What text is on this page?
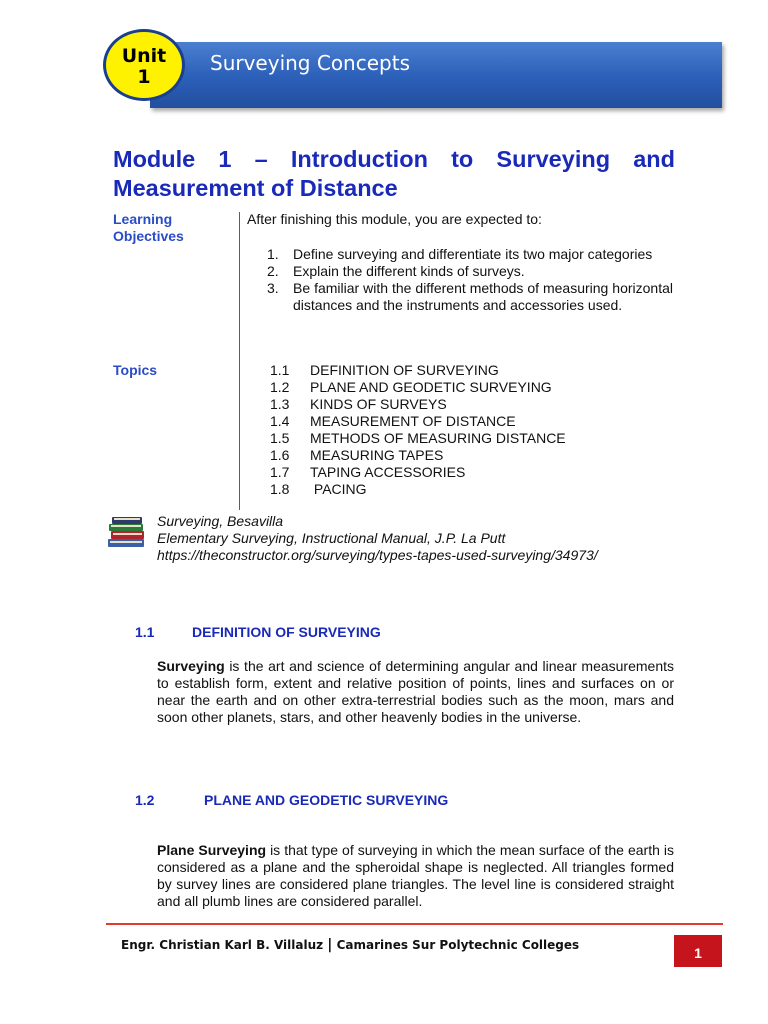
Surveying Concepts
Unit
1
Module 1 – Introduction to Surveying and Measurement of Distance
Learning
Objectives
After finishing this module, you are expected to:
1. Define surveying and differentiate its two major categories
2. Explain the different kinds of surveys.
3. Be familiar with the different methods of measuring horizontal distances and the instruments and accessories used.
Topics	1.1	DEFINITION OF SURVEYING
1.2	PLANE AND GEODETIC SURVEYING
1.3	KINDS OF SURVEYS
1.4	MEASUREMENT OF DISTANCE
1.5	METHODS OF MEASURING DISTANCE
1.6	MEASURING TAPES
1.7	TAPING ACCESSORIES
1.8	PACING
Surveying, Besavilla
Elementary Surveying, Instructional Manual, J.P. La Putt
https://theconstructor.org/surveying/types-tapes-used-surveying/34973/
1.1	DEFINITION OF SURVEYING

Surveying is the art and science of determining angular and linear measurements to establish form, extent and relative position of points, lines and surfaces on or near the earth and on other extra-terrestrial bodies such as the moon, mars and soon other planets, stars, and other heavenly bodies in the universe.

1.2	PLANE AND GEODETIC SURVEYING

Plane Surveying is that type of surveying in which the mean surface of the earth is considered as a plane and the spheroidal shape is neglected. All triangles formed by survey lines are considered plane triangles. The level line is considered straight and all plumb lines are considered parallel.

Engr. Christian Karl B. Villaluz | Camarines Sur Polytechnic Colleges	1
